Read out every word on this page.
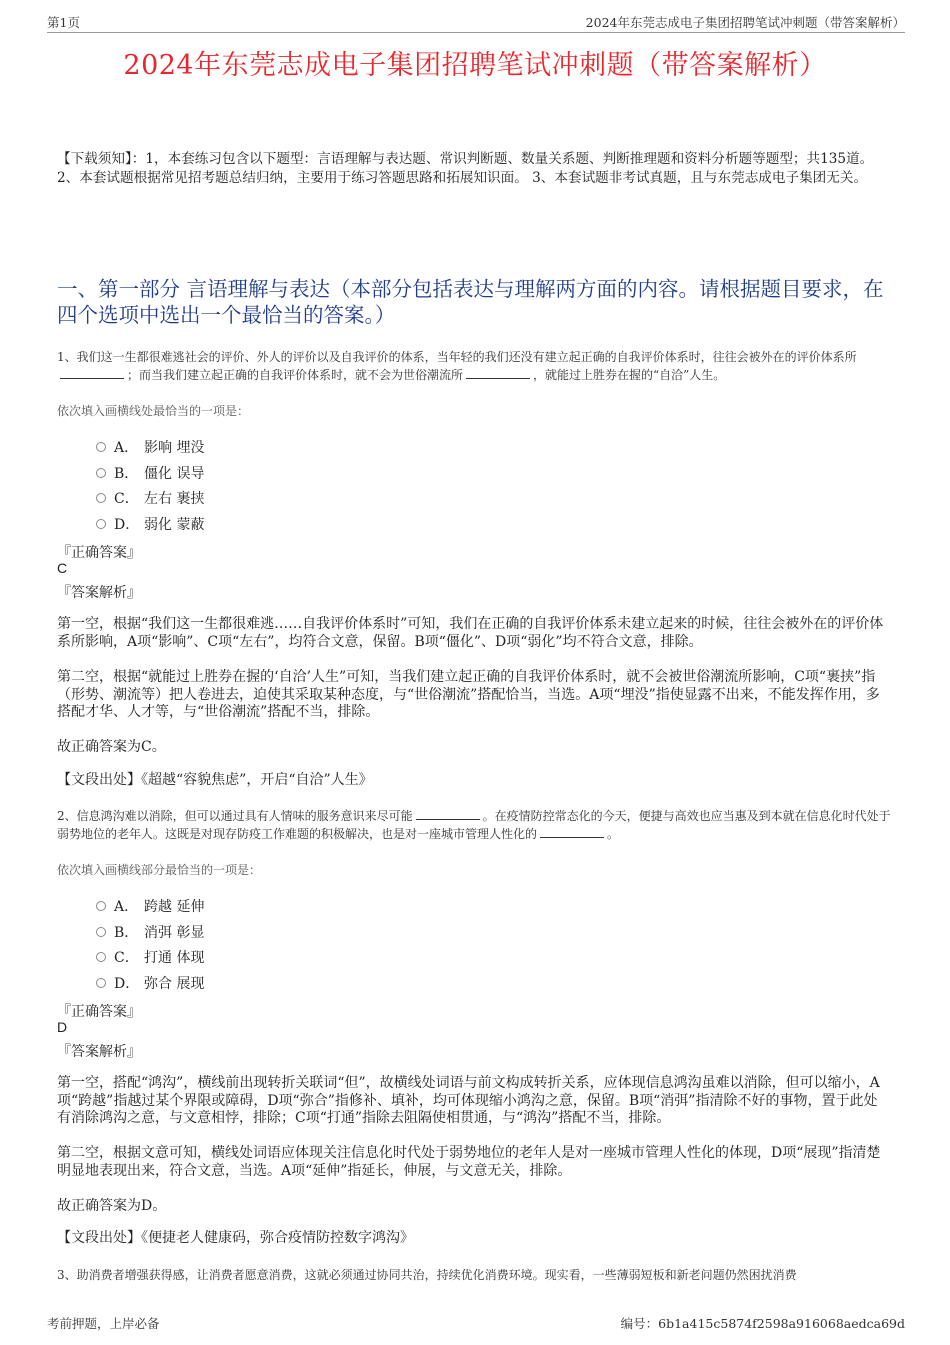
第1页	2024年东莞志成电子集团招聘笔试冲刺题（带答案解析）
2024年东莞志成电子集团招聘笔试冲刺题（带答案解析）
【下载须知】：1，本套练习包含以下题型：言语理解与表达题、常识判断题、数量关系题、判断推理题和资料分析题等题型；共135道。 2、本套试题根据常见招考题总结归纳，主要用于练习答题思路和拓展知识面。 3、本套试题非考试真题，且与东莞志成电子集团无关。
一、第一部分 言语理解与表达（本部分包括表达与理解两方面的内容。请根据题目要求，在四个选项中选出一个最恰当的答案。）
1、我们这一生都很难逃社会的评价、外人的评价以及自我评价的体系，当年轻的我们还没有建立起正确的自我评价体系时，往往会被外在的评价体系所；而当我们建立起正确的自我评价体系时，就不会为世俗潮流所	，就能过上胜券在握的“自洽”人生。
依次填入画横线处最恰当的一项是：
A． 影响 埋没
B． 僵化 误导
C． 左右 裹挟
D． 弱化 蒙蔽
『正确答案』
C
『答案解析』
第一空，根据“我们这一生都很难逃……自我评价体系时”可知，我们在正确的自我评价体系未建立起来的时候，往往会被外在的评价体系所影响，A项“影响”、C项“左右”，均符合文意，保留。B项“僵化”、D项“弱化”均不符合文意，排除。
第二空，根据“就能过上胜券在握的‘自洽’人生”可知，当我们建立起正确的自我评价体系时，就不会被世俗潮流所影响，C项“裹挟”指（形势、潮流等）把人卷进去，迫使其采取某种态度，与“世俗潮流”搭配恰当，当选。A项“埋没”指使显露不出来，不能发挥作用，多搭配才华、人才等，与“世俗潮流”搭配不当，排除。
故正确答案为C。
【文段出处】《超越“容貌焦虑”，开启“自洽”人生》
2、信息鸿沟难以消除，但可以通过具有人情味的服务意识来尽可能	。在疫情防控常态化的今天，便捷与高效也应当惠及到本就在信息化时代处于弱势地位的老年人。这既是对现存防疫工作难题的积极解决，也是对一座城市管理人性化的	。
依次填入画横线部分最恰当的一项是：
A． 跨越 延伸
B． 消弭 彰显
C． 打通 体现
D． 弥合 展现
『正确答案』
D
『答案解析』
第一空，搭配“鸿沟”，横线前出现转折关联词“但”，故横线处词语与前文构成转折关系，应体现信息鸿沟虽难以消除，但可以缩小，A项“跨越”指越过某个界限或障碍，D项“弥合”指修补、填补，均可体现缩小鸿沟之意，保留。B项“消弭”指清除不好的事物，置于此处有消除鸿沟之意，与文意相悖，排除；C项“打通”指除去阻隔使相贯通，与“鸿沟”搭配不当，排除。
第二空，根据文意可知，横线处词语应体现关注信息化时代处于弱势地位的老年人是对一座城市管理人性化的体现，D项“展现”指清楚明显地表现出来，符合文意，当选。A项“延伸”指延长，伸展，与文意无关，排除。
故正确答案为D。
【文段出处】《便捷老人健康码，弥合疫情防控数字鸿沟》
3、助消费者增强获得感，让消费者愿意消费，这就必须通过协同共治，持续优化消费环境。现实看，一些薄弱短板和新老问题仍然困扰消费
考前押题，上岸必备	编号：6b1a415c5874f2598a916068aedca69d
